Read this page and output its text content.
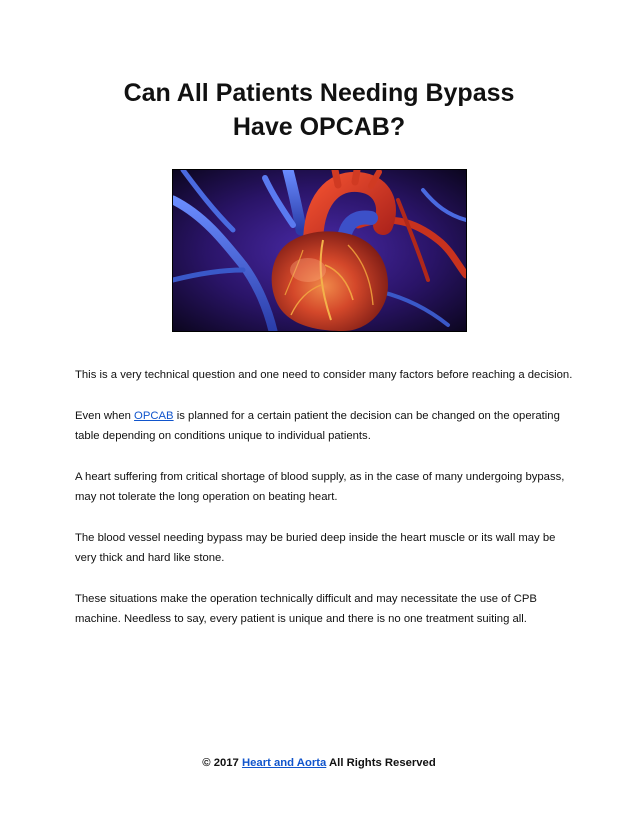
Can All Patients Needing Bypass
Have OPCAB?

This is a very technical question and one need to consider many factors before reaching a decision.

Even when OPCAB is planned for a certain patient the decision can be changed on the operating table depending on conditions unique to individual patients.

A heart suffering from critical shortage of blood supply, as in the case of many undergoing bypass, may not tolerate the long operation on beating heart.

The blood vessel needing bypass may be buried deep inside the heart muscle or its wall may be very thick and hard like stone.

These situations make the operation technically difficult and may necessitate the use of CPB machine. Needless to say, every patient is unique and there is no one treatment suiting all.

© 2017 Heart and Aorta All Rights Reserved
